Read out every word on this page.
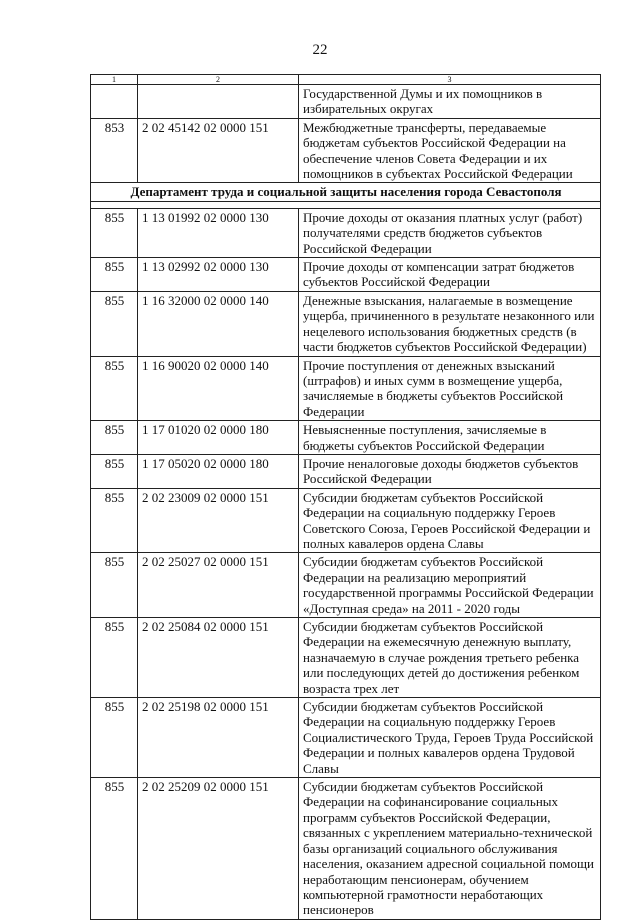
22
1	2	3
		Государственной Думы и их помощников в избирательных округах
853	2 02 45142 02 0000 151	Межбюджетные трансферты, передаваемые бюджетам субъектов Российской Федерации на обеспечение членов Совета Федерации и их помощников в субъектах Российской Федерации
Департамент труда и социальной защиты населения города Севастополя		

855	1 13 01992 02 0000 130	Прочие доходы от оказания платных услуг (работ) получателями средств бюджетов субъектов Российской Федерации
855	1 13 02992 02 0000 130	Прочие доходы от компенсации затрат бюджетов субъектов Российской Федерации
855	1 16 32000 02 0000 140	Денежные взыскания, налагаемые в возмещение ущерба, причиненного в результате незаконного или нецелевого использования бюджетных средств (в части бюджетов субъектов Российской Федерации)
855	1 16 90020 02 0000 140	Прочие поступления от денежных взысканий (штрафов) и иных сумм в возмещение ущерба, зачисляемые в бюджеты субъектов Российской Федерации
855	1 17 01020 02 0000 180	Невыясненные поступления, зачисляемые в бюджеты субъектов Российской Федерации
855	1 17 05020 02 0000 180	Прочие неналоговые доходы бюджетов субъектов Российской Федерации
855	2 02 23009 02 0000 151	Субсидии бюджетам субъектов Российской Федерации на социальную поддержку Героев Советского Союза, Героев Российской Федерации и полных кавалеров ордена Славы
855	2 02 25027 02 0000 151	Субсидии бюджетам субъектов Российской Федерации на реализацию мероприятий государственной программы Российской Федерации «Доступная среда» на 2011 - 2020 годы
855	2 02 25084 02 0000 151	Субсидии бюджетам субъектов Российской Федерации на ежемесячную денежную выплату, назначаемую в случае рождения третьего ребенка или последующих детей до достижения ребенком возраста трех лет
855	2 02 25198 02 0000 151	Субсидии бюджетам субъектов Российской Федерации на социальную поддержку Героев Социалистического Труда, Героев Труда Российской Федерации и полных кавалеров ордена Трудовой Славы
855	2 02 25209 02 0000 151	Субсидии бюджетам субъектов Российской Федерации на софинансирование социальных программ субъектов Российской Федерации, связанных с укреплением материально-технической базы организаций социального обслуживания населения, оказанием адресной социальной помощи неработающим пенсионерам, обучением компьютерной грамотности неработающих пенсионеров
